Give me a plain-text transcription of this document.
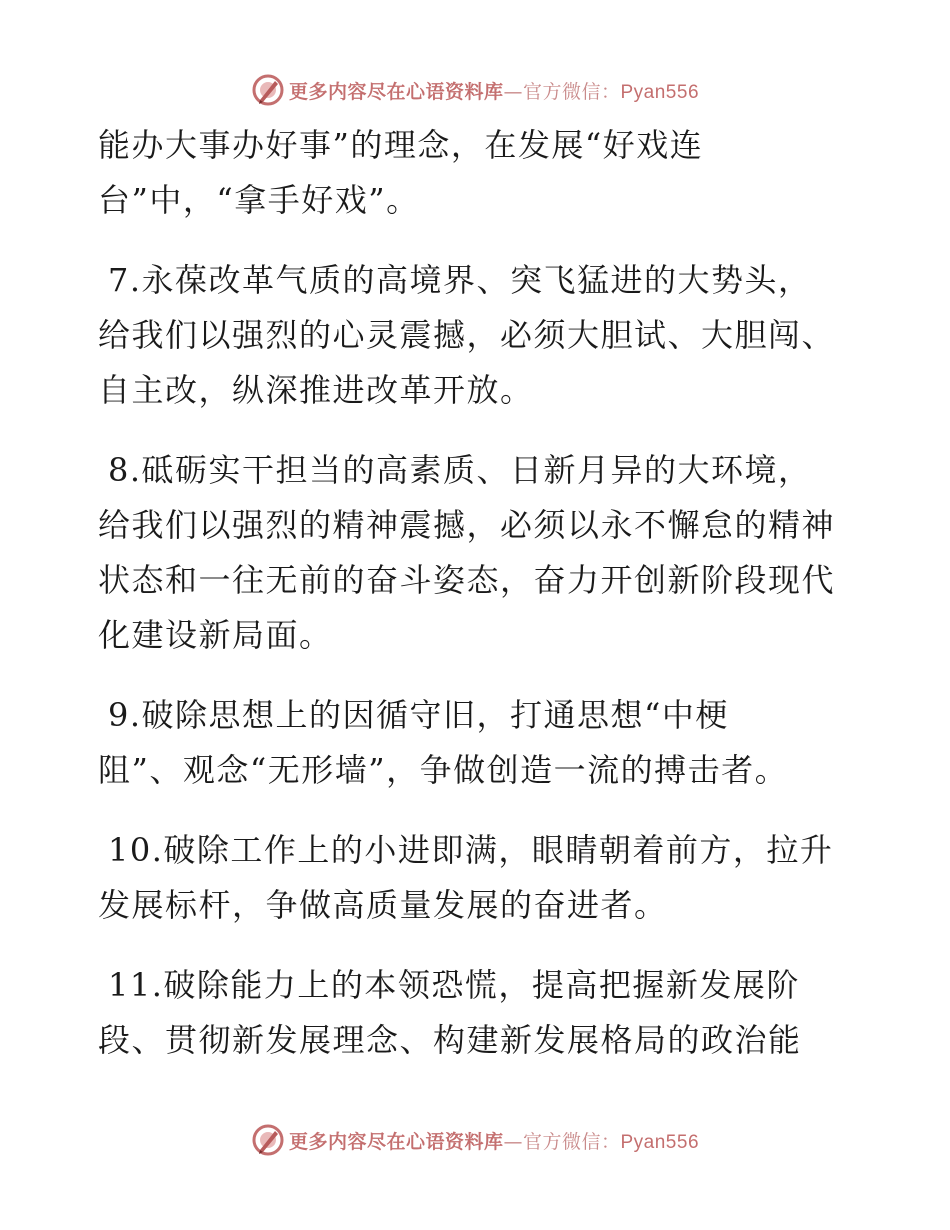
更多内容尽在心语资料库—官方微信：Pyan556

能办大事办好事”的理念，在发展“好戏连
台”中，“拿手好戏”。

7.永葆改革气质的高境界、突飞猛进的大势头，
给我们以强烈的心灵震撼，必须大胆试、大胆闯、
自主改，纵深推进改革开放。

8.砥砺实干担当的高素质、日新月异的大环境，
给我们以强烈的精神震撼，必须以永不懈怠的精神
状态和一往无前的奋斗姿态，奋力开创新阶段现代
化建设新局面。

9.破除思想上的因循守旧，打通思想“中梗
阻”、观念“无形墙”，争做创造一流的搏击者。

10.破除工作上的小进即满，眼睛朝着前方，拉升
发展标杆，争做高质量发展的奋进者。

11.破除能力上的本领恐慌，提高把握新发展阶
段、贯彻新发展理念、构建新发展格局的政治能

更多内容尽在心语资料库—官方微信：Pyan556
